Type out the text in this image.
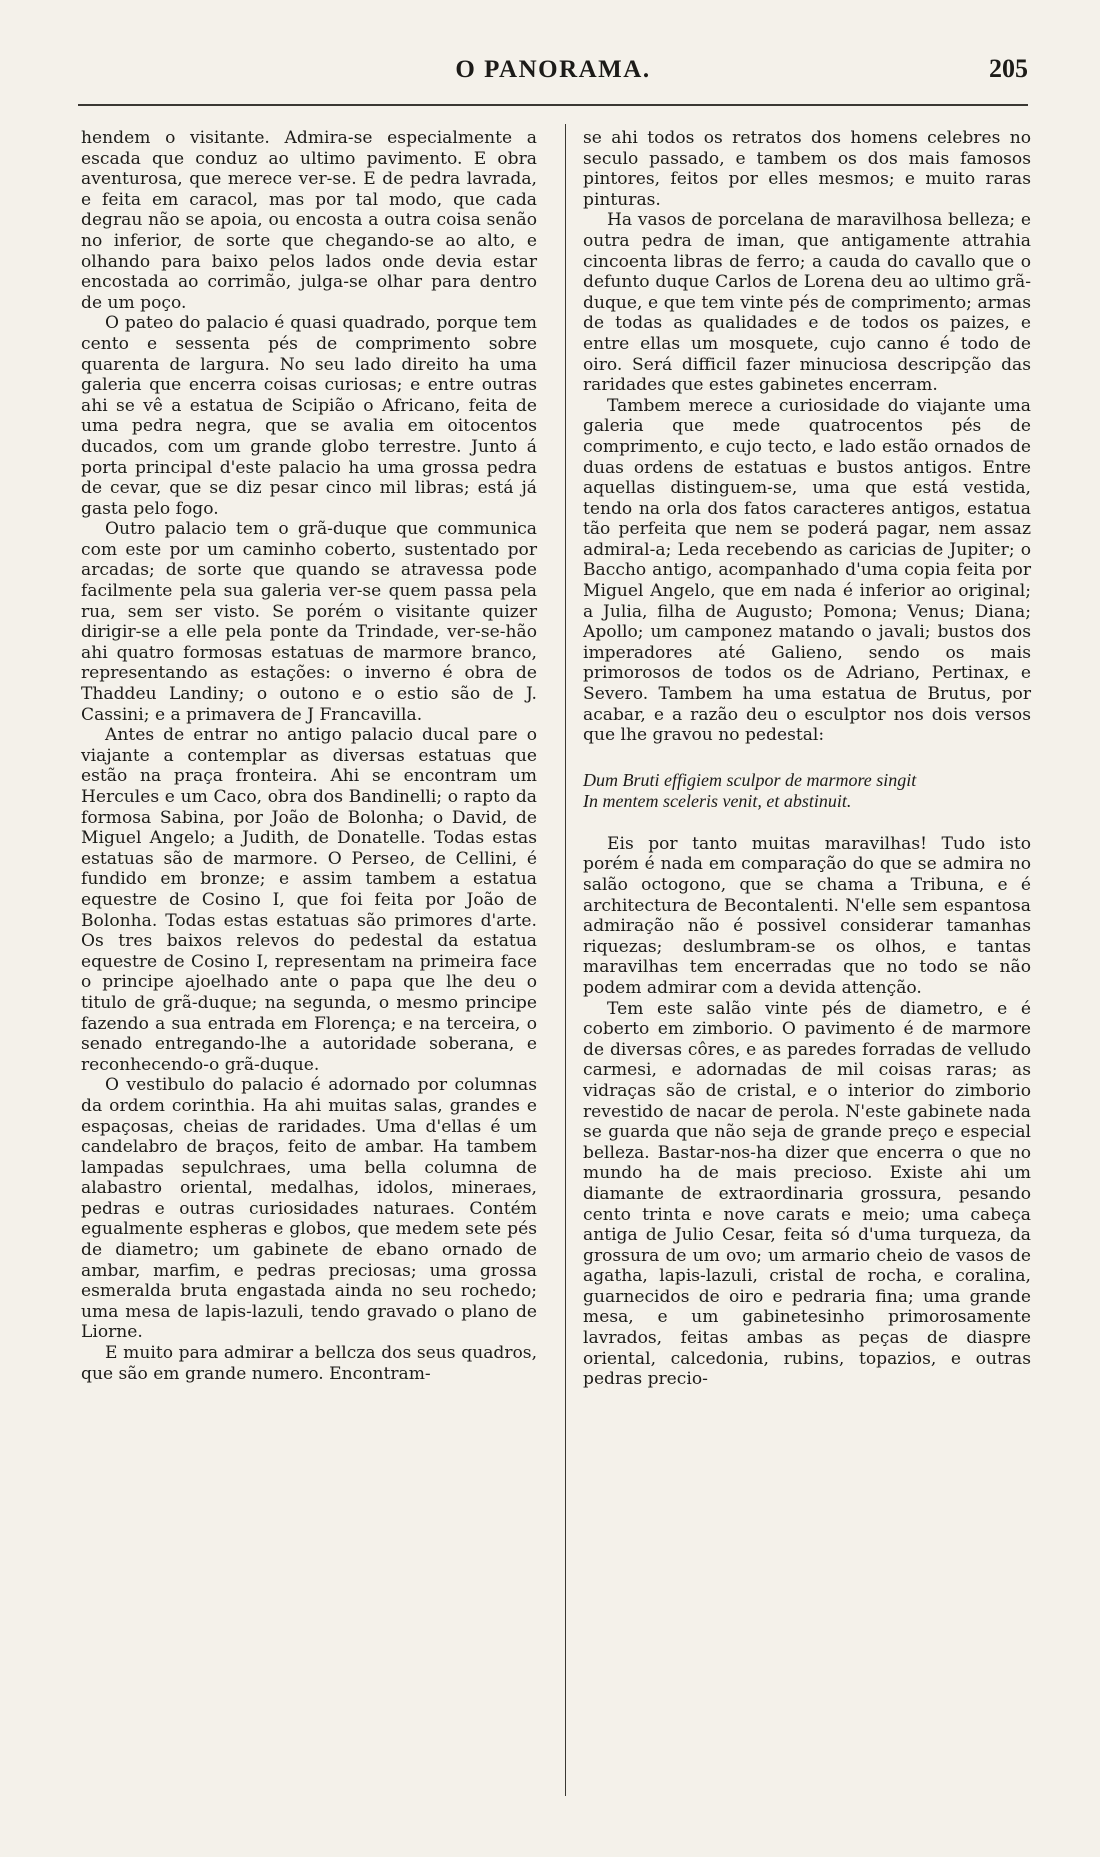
O PANORAMA.	205

hendem o visitante. Admira-se especialmente a escada que conduz ao ultimo pavimento. E obra aventurosa, que merece ver-se. E de pedra lavrada, e feita em caracol, mas por tal modo, que cada degrau não se apoia, ou encosta a outra coisa senão no inferior, de sorte que chegando-se ao alto, e olhando para baixo pelos lados onde devia estar encostada ao corrimão, julga-se olhar para dentro de um poço.

O pateo do palacio é quasi quadrado, porque tem cento e sessenta pés de comprimento sobre quarenta de largura. No seu lado direito ha uma galeria que encerra coisas curiosas; e entre outras ahi se vê a estatua de Scipião o Africano, feita de uma pedra negra, que se avalia em oitocentos ducados, com um grande globo terrestre. Junto á porta principal d'este palacio ha uma grossa pedra de cevar, que se diz pesar cinco mil libras; está já gasta pelo fogo.

Outro palacio tem o grã-duque que communica com este por um caminho coberto, sustentado por arcadas; de sorte que quando se atravessa pode facilmente pela sua galeria ver-se quem passa pela rua, sem ser visto. Se porém o visitante quizer dirigir-se a elle pela ponte da Trindade, ver-se-hão ahi quatro formosas estatuas de marmore branco, representando as estações: o inverno é obra de Thaddeu Landiny; o outono e o estio são de J. Cassini; e a primavera de J Francavilla.

Antes de entrar no antigo palacio ducal pare o viajante a contemplar as diversas estatuas que estão na praça fronteira. Ahi se encontram um Hercules e um Caco, obra dos Bandinelli; o rapto da formosa Sabina, por João de Bolonha; o David, de Miguel Angelo; a Judith, de Donatelle. Todas estas estatuas são de marmore. O Perseo, de Cellini, é fundido em bronze; e assim tambem a estatua equestre de Cosino I, que foi feita por João de Bolonha. Todas estas estatuas são primores d'arte. Os tres baixos relevos do pedestal da estatua equestre de Cosino I, representam na primeira face o principe ajoelhado ante o papa que lhe deu o titulo de grã-duque; na segunda, o mesmo principe fazendo a sua entrada em Florença; e na terceira, o senado entregando-lhe a autoridade soberana, e reconhecendo-o grã-duque.

O vestibulo do palacio é adornado por columnas da ordem corinthia. Ha ahi muitas salas, grandes e espaçosas, cheias de raridades. Uma d'ellas é um candelabro de braços, feito de ambar. Ha tambem lampadas sepulchraes, uma bella columna de alabastro oriental, medalhas, idolos, mineraes, pedras e outras curiosidades naturaes. Contém egualmente espheras e globos, que medem sete pés de diametro; um gabinete de ebano ornado de ambar, marfim, e pedras preciosas; uma grossa esmeralda bruta engastada ainda no seu rochedo; uma mesa de lapis-lazuli, tendo gravado o plano de Liorne.

E muito para admirar a bellcza dos seus quadros, que são em grande numero. Encontram-

se ahi todos os retratos dos homens celebres no seculo passado, e tambem os dos mais famosos pintores, feitos por elles mesmos; e muito raras pinturas.

Ha vasos de porcelana de maravilhosa belleza; e outra pedra de iman, que antigamente attrahia cincoenta libras de ferro; a cauda do cavallo que o defunto duque Carlos de Lorena deu ao ultimo grã-duque, e que tem vinte pés de comprimento; armas de todas as qualidades e de todos os paizes, e entre ellas um mosquete, cujo canno é todo de oiro. Será difficil fazer minuciosa descripção das raridades que estes gabinetes encerram.

Tambem merece a curiosidade do viajante uma galeria que mede quatrocentos pés de comprimento, e cujo tecto, e lado estão ornados de duas ordens de estatuas e bustos antigos. Entre aquellas distinguem-se, uma que está vestida, tendo na orla dos fatos caracteres antigos, estatua tão perfeita que nem se poderá pagar, nem assaz admiral-a; Leda recebendo as caricias de Jupiter; o Baccho antigo, acompanhado d'uma copia feita por Miguel Angelo, que em nada é inferior ao original; a Julia, filha de Augusto; Pomona; Venus; Diana; Apollo; um camponez matando o javali; bustos dos imperadores até Galieno, sendo os mais primorosos de todos os de Adriano, Pertinax, e Severo. Tambem ha uma estatua de Brutus, por acabar, e a razão deu o esculptor nos dois versos que lhe gravou no pedestal:

Dum Bruti effigiem sculpor de marmore singit
In mentem sceleris venit, et abstinuit.

Eis por tanto muitas maravilhas! Tudo isto porém é nada em comparação do que se admira no salão octogono, que se chama a Tribuna, e é architectura de Becontalenti. N'elle sem espantosa admiração não é possivel considerar tamanhas riquezas; deslumbram-se os olhos, e tantas maravilhas tem encerradas que no todo se não podem admirar com a devida attenção.

Tem este salão vinte pés de diametro, e é coberto em zimborio. O pavimento é de marmore de diversas côres, e as paredes forradas de velludo carmesi, e adornadas de mil coisas raras; as vidraças são de cristal, e o interior do zimborio revestido de nacar de perola. N'este gabinete nada se guarda que não seja de grande preço e especial belleza. Bastar-nos-ha dizer que encerra o que no mundo ha de mais precioso. Existe ahi um diamante de extraordinaria grossura, pesando cento trinta e nove carats e meio; uma cabeça antiga de Julio Cesar, feita só d'uma turqueza, da grossura de um ovo; um armario cheio de vasos de agatha, lapis-lazuli, cristal de rocha, e coralina, guarnecidos de oiro e pedraria fina; uma grande mesa, e um gabinetesinho primorosamente lavrados, feitas ambas as peças de diaspre oriental, calcedonia, rubins, topazios, e outras pedras precio-
